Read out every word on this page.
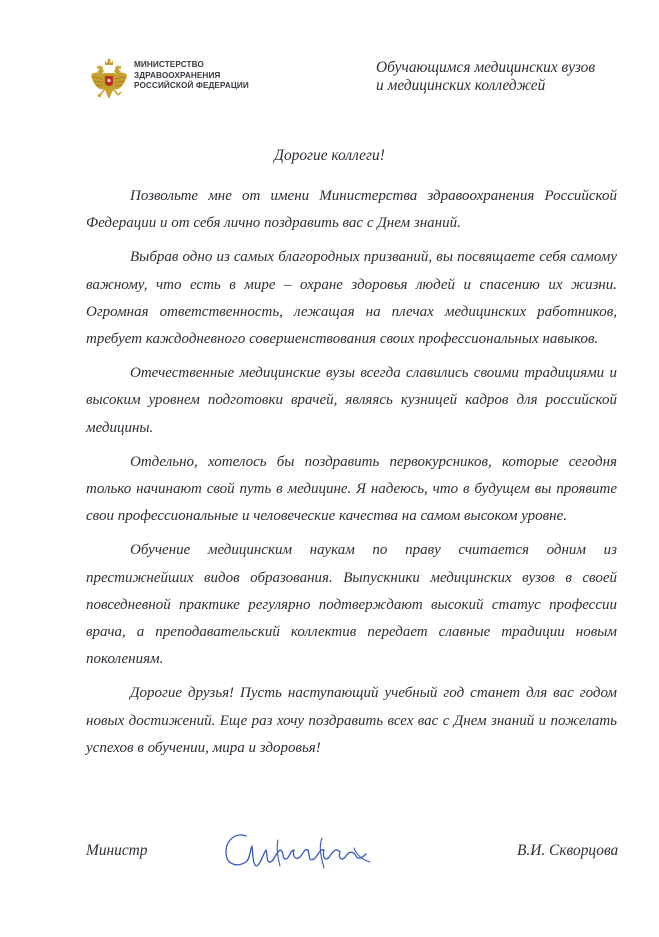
МИНИСТЕРСТВО
ЗДРАВООХРАНЕНИЯ
РОССИЙСКОЙ ФЕДЕРАЦИИ
Обучающимся медицинских вузов
и медицинских колледжей
Дорогие коллеги!

Позвольте мне от имени Министерства здравоохранения Российской Федерации и от себя лично поздравить вас с Днем знаний.

Выбрав одно из самых благородных призваний, вы посвящаете себя самому важному, что есть в мире – охране здоровья людей и спасению их жизни. Огромная ответственность, лежащая на плечах медицинских работников, требует каждодневного совершенствования своих профессиональных навыков.

Отечественные медицинские вузы всегда славились своими традициями и высоким уровнем подготовки врачей, являясь кузницей кадров для российской медицины.

Отдельно, хотелось бы поздравить первокурсников, которые сегодня только начинают свой путь в медицине. Я надеюсь, что в будущем вы проявите свои профессиональные и человеческие качества на самом высоком уровне.

Обучение медицинским наукам по праву считается одним из престижнейших видов образования. Выпускники медицинских вузов в своей повседневной практике регулярно подтверждают высокий статус профессии врача, а преподавательский коллектив передает славные традиции новым поколениям.

Дорогие друзья! Пусть наступающий учебный год станет для вас годом новых достижений. Еще раз хочу поздравить всех вас с Днем знаний и пожелать успехов в обучении, мира и здоровья!

Министр	В.И. Скворцова
